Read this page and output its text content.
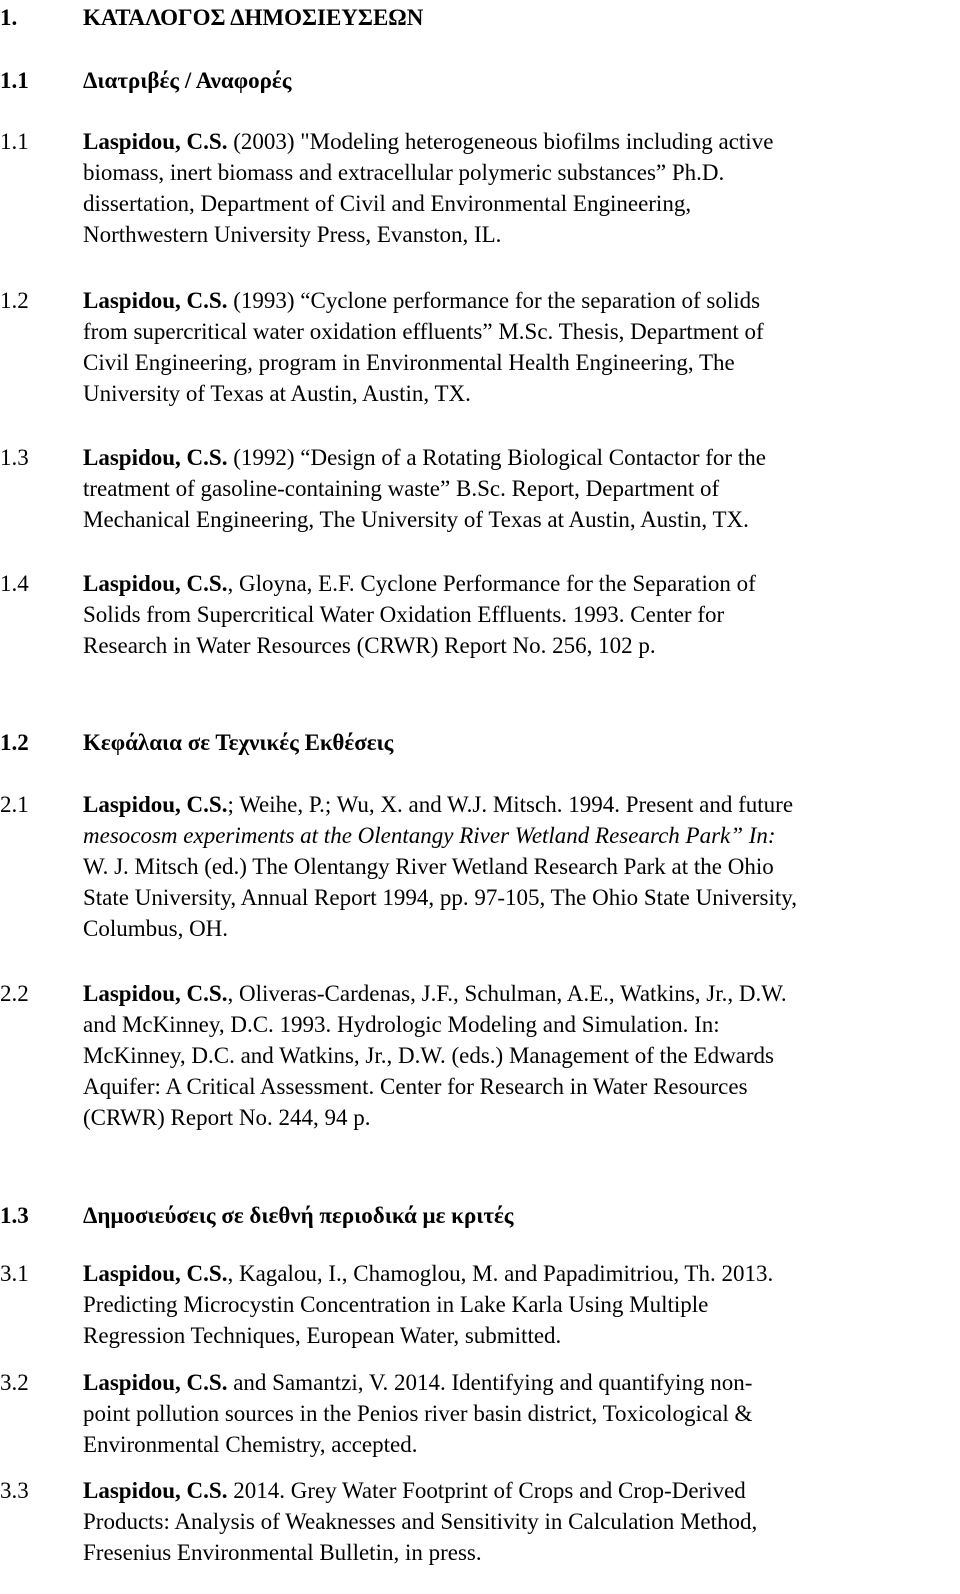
1.	ΚΑΤΑΛΟΓΟΣ ΔΗΜΟΣΙΕΥΣΕΩΝ
1.1 Διατριβές / Αναφορές
1.1 Laspidou, C.S. (2003) "Modeling heterogeneous biofilms including active
biomass, inert biomass and extracellular polymeric substances” Ph.D.
dissertation, Department of Civil and Environmental Engineering,
Northwestern University Press, Evanston, IL.
1.2 Laspidou, C.S. (1993) “Cyclone performance for the separation of solids
from supercritical water oxidation effluents” M.Sc. Thesis, Department of
Civil Engineering, program in Environmental Health Engineering, The
University of Texas at Austin, Austin, TX.
1.3 Laspidou, C.S. (1992) “Design of a Rotating Biological Contactor for the
treatment of gasoline-containing waste” B.Sc. Report, Department of
Mechanical Engineering, The University of Texas at Austin, Austin, TX.
1.4 Laspidou, C.S., Gloyna, E.F. Cyclone Performance for the Separation of
Solids from Supercritical Water Oxidation Effluents. 1993. Center for
Research in Water Resources (CRWR) Report No. 256, 102 p.
1.2 Κεφάλαια σε Τεχνικές Εκθέσεις
2.1 Laspidou, C.S.; Weihe, P.; Wu, X. and W.J. Mitsch. 1994. Present and future
mesocosm experiments at the Olentangy River Wetland Research Park” In:
W. J. Mitsch (ed.) The Olentangy River Wetland Research Park at the Ohio
State University, Annual Report 1994, pp. 97-105, The Ohio State University,
Columbus, OH.
2.2 Laspidou, C.S., Oliveras-Cardenas, J.F., Schulman, A.E., Watkins, Jr., D.W.
and McKinney, D.C. 1993. Hydrologic Modeling and Simulation. In:
McKinney, D.C. and Watkins, Jr., D.W. (eds.) Management of the Edwards
Aquifer: A Critical Assessment. Center for Research in Water Resources
(CRWR) Report No. 244, 94 p.
1.3 Δημοσιεύσεις σε διεθνή περιοδικά με κριτές
3.1 Laspidou, C.S., Kagalou, I., Chamoglou, M. and Papadimitriou, Th. 2013.
Predicting Microcystin Concentration in Lake Karla Using Multiple
Regression Techniques, European Water, submitted.
3.2 Laspidou, C.S. and Samantzi, V. 2014. Identifying and quantifying non-
point pollution sources in the Penios river basin district, Toxicological &
Environmental Chemistry, accepted.
3.3 Laspidou, C.S. 2014. Grey Water Footprint of Crops and Crop-Derived
Products: Analysis of Weaknesses and Sensitivity in Calculation Method,
Fresenius Environmental Bulletin, in press.
